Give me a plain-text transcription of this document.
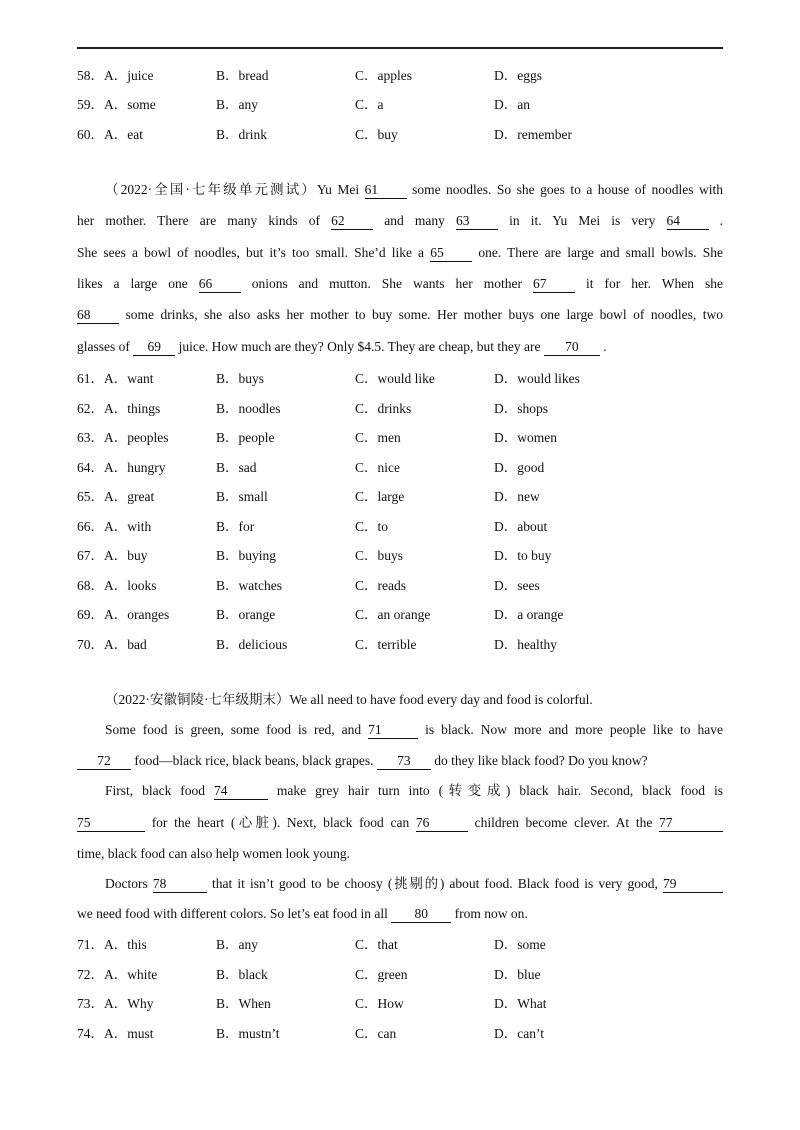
58．A．juice	B．bread	C．apples	D．eggs
59．A．some	B．any	C．a	D．an
60．A．eat	B．drink	C．buy	D．remember
（2022·全国·七年级单元测试）Yu Mei 61	some noodles. So she goes to a house of noodles with
her mother. There are many kinds of 62	and many 63	in it. Yu Mei is very 64	.
She sees a bowl of noodles, but it’s too small. She’d like a 65	one. There are large and small bowls. She
likes a large one 66	onions and mutton. She wants her mother 67	it for her. When she
68	some drinks, she also asks her mother to buy some. Her mother buys one large bowl of noodles, two
glasses of 69 juice. How much are they? Only $4.5. They are cheap, but they are 70 .
61．A．want	B．buys	C．would like	D．would likes
62．A．things	B．noodles	C．drinks	D．shops
63．A．peoples	B．people	C．men	D．women
64．A．hungry	B．sad	C．nice	D．good
65．A．great	B．small	C．large	D．new
66．A．with	B．for	C．to	D．about
67．A．buy	B．buying	C．buys	D．to buy
68．A．looks	B．watches	C．reads	D．sees
69．A．oranges	B．orange	C．an orange	D．a orange
70．A．bad	B．delicious	C．terrible	D．healthy
（2022·安徽铜陵·七年级期末）We all need to have food every day and food is colorful.
Some food is green, some food is red, and 71	is black. Now more and more people like to have
72 food—black rice, black beans, black grapes. 73 do they like black food? Do you know?
First, black food 74	make grey hair turn into (转变成) black hair. Second, black food is
75	for the heart (心脏). Next, black food can 76	children become clever. At the 77
time, black food can also help women look young.
Doctors 78	that it isn’t good to be choosy (挑剔的) about food. Black food is very good, 79
we need food with different colors. So let’s eat food in all 80 from now on.
71．A．this	B．any	C．that	D．some
72．A．white	B．black	C．green	D．blue
73．A．Why	B．When	C．How	D．What
74．A．must	B．mustn’t	C．can	D．can’t
